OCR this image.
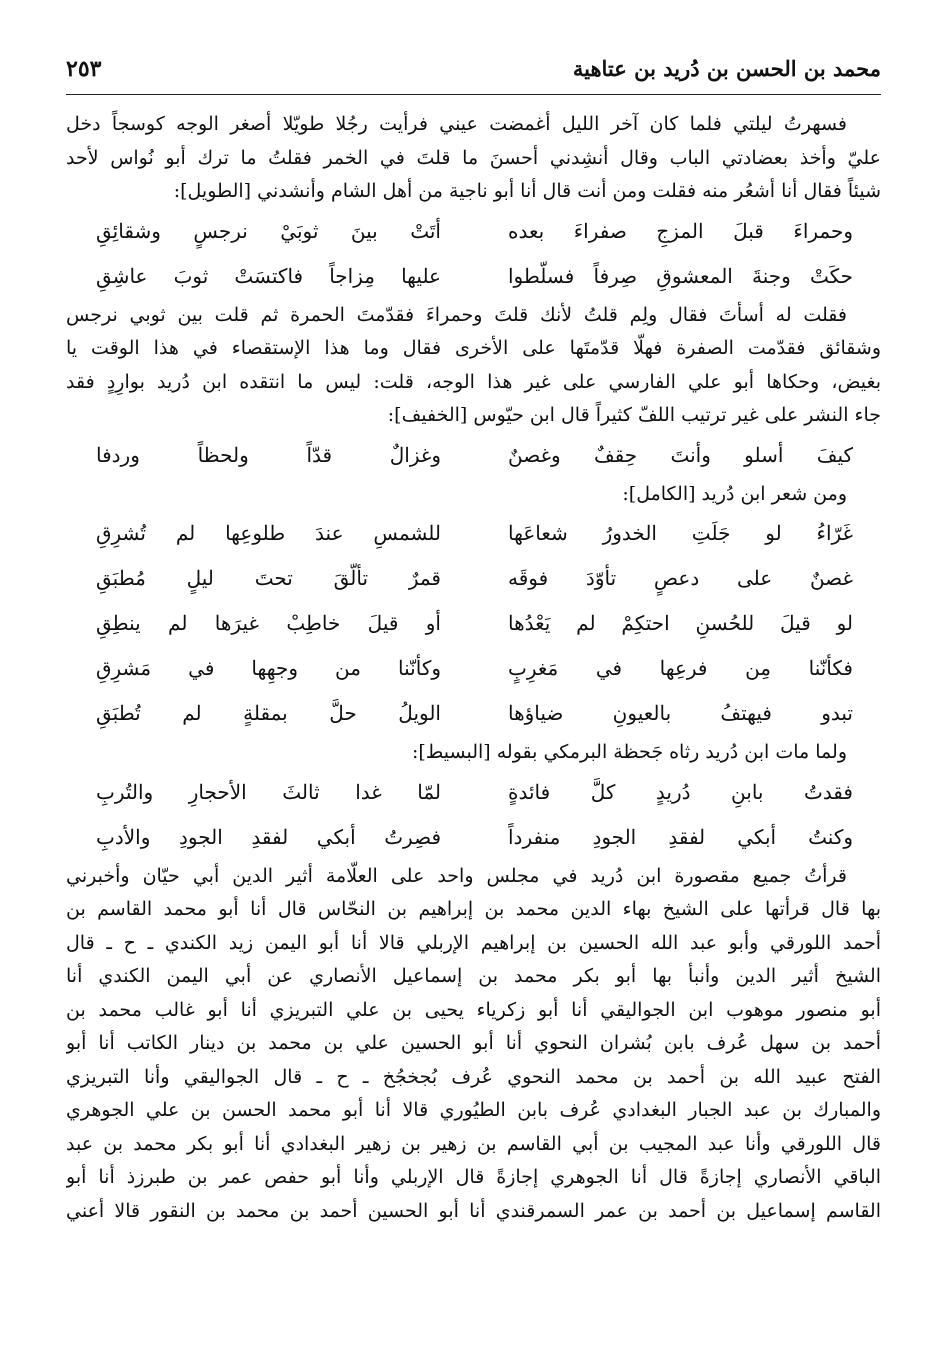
محمد بن الحسن بن دُريد بن عتاهية
٢٥٣
فسهرتُ ليلتي فلما كان آخر الليل أغمضت عيني فرأيت رجُلا طويّلا أصغر الوجه كوسجاً دخل
عليّ وأخذ بعضادتي الباب وقال أنشِدني أحسنَ ما قلتَ في الخمر فقلتُ ما ترك أبو نُواس لأحد
شيئاً فقال أنا أشعُر منه فقلت ومن أنت قال أنا أبو ناجية من أهل الشام وأنشدني [الطويل]:
وحمراءَ قبلَ المزجِ صفراءَ بعده
أتَتْ بينَ ثوبَيْ نرجسٍ وشقائِقِ
حكَتْ وجنةَ المعشوقِ صِرفاً فسلّطوا
عليها مِزاجاً فاكتسَتْ ثوبَ عاشِقِ
فقلت له أسأتَ فقال ولِم قلتُ لأنك قلتَ وحمراءَ فقدّمتَ الحمرة ثم قلت بين ثوبي نرجس
وشقائق فقدّمت الصفرة فهلّا قدّمتَها على الأخرى فقال وما هذا الإستقصاء في هذا الوقت يا
بغيض، وحكاها أبو علي الفارسي على غير هذا الوجه، قلت: ليس ما انتقده ابن دُريد بوارِدٍ فقد
جاء النشر على غير ترتيب اللفّ كثيراً قال ابن حيّوس [الخفيف]:
كيفَ أسلو وأنتَ حِقفٌ وغصنٌ
وغزالٌ قدّاً ولحظاً وردفا
ومن شعر ابن دُريد [الكامل]:
غَرّاءُ لو جَلَتِ الخدورُ شعاعَها
للشمسِ عندَ طلوعِها لم تُشرِقِ
غصنٌ على دعصٍ تأوّدَ فوقَه
قمرٌ تألّقَ تحتَ ليلٍ مُطبَقِ
لو قيلَ للحُسنِ احتكِمْ لم يَعْدُها
أو قيلَ خاطِبْ غيرَها لم ينطِقِ
فكأنّنا مِن فرعِها في مَغرِبٍ
وكأنّنا من وجهِها في مَشرِقِ
تبدو فيهتفُ بالعيونِ ضياؤها
الويلُ حلَّ بمقلةٍ لم تُطبَقِ
ولما مات ابن دُريد رثاه جَحظة البرمكي بقوله [البسيط]:
فقدتُ بابنِ دُريدٍ كلَّ فائدةٍ
لمّا غدا ثالثَ الأحجارِ والتُربِ
وكنتُ أبكي لفقدِ الجودِ منفرداً
فصِرتُ أبكي لفقدِ الجودِ والأدبِ
قرأتُ جميع مقصورة ابن دُريد في مجلس واحد على العلّامة أثير الدين أبي حيّان وأخبرني
بها قال قرأتها على الشيخ بهاء الدين محمد بن إبراهيم بن النحّاس قال أنا أبو محمد القاسم بن
أحمد اللورقي وأبو عبد الله الحسين بن إبراهيم الإربلي قالا أنا أبو اليمن زيد الكندي ـ ح ـ قال
الشيخ أثير الدين وأنبأ بها أبو بكر محمد بن إسماعيل الأنصاري عن أبي اليمن الكندي أنا
أبو منصور موهوب ابن الجواليقي أنا أبو زكرياء يحيى بن علي التبريزي أنا أبو غالب محمد بن
أحمد بن سهل عُرف بابن بُشران النحوي أنا أبو الحسين علي بن محمد بن دينار الكاتب أنا أبو
الفتح عبيد الله بن أحمد بن محمد النحوي عُرف بُجخجُخ ـ ح ـ قال الجواليقي وأنا التبريزي
والمبارك بن عبد الجبار البغدادي عُرف بابن الطيُوري قالا أنا أبو محمد الحسن بن علي الجوهري
قال اللورقي وأنا عبد المجيب بن أبي القاسم بن زهير بن زهير البغدادي أنا أبو بكر محمد بن عبد
الباقي الأنصاري إجازةً قال أنا الجوهري إجازةً قال الإربلي وأنا أبو حفص عمر بن طبرزذ أنا أبو
القاسم إسماعيل بن أحمد بن عمر السمرقندي أنا أبو الحسين أحمد بن محمد بن النقور قالا أعني
